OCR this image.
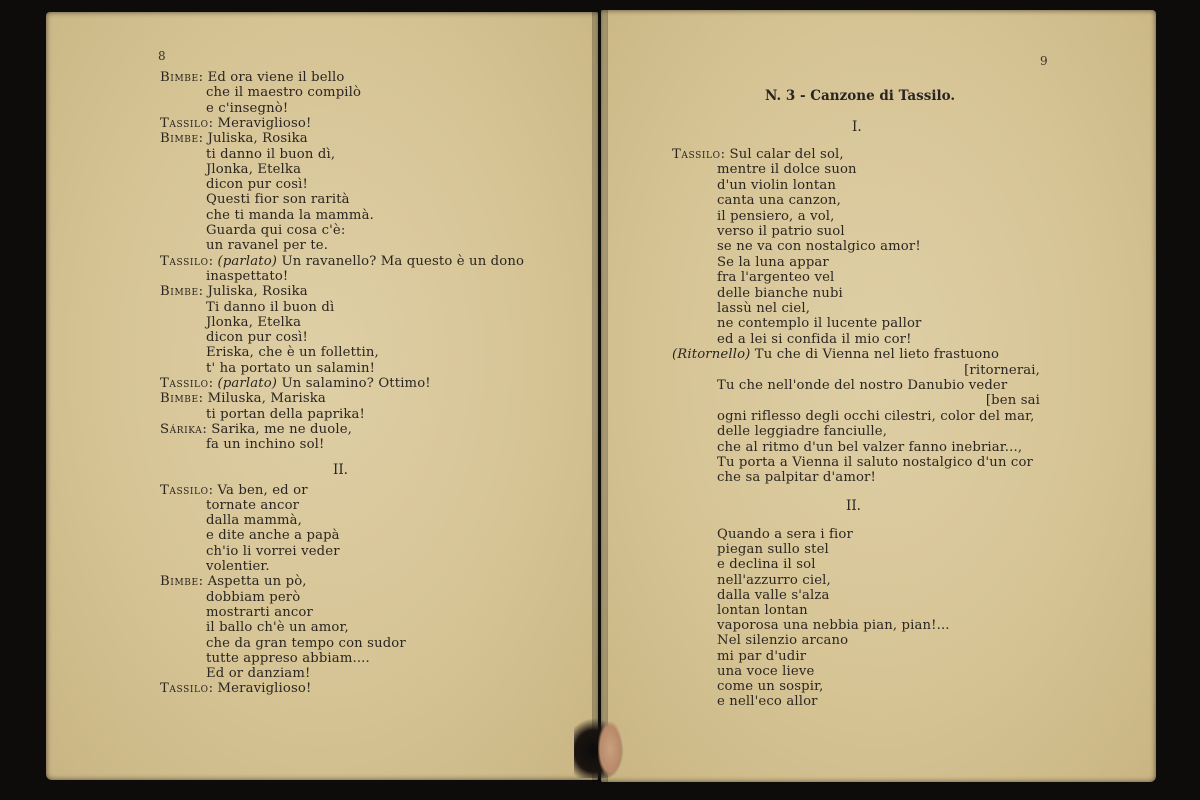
8	9
Bimbe: Ed ora viene il bello
che il maestro compilò
e c'insegnò!
Tassilo: Meraviglioso!
Bimbe: Juliska, Rosika
ti danno il buon dì,
Jlonka, Etelka
dicon pur così!
Questi fior son rarità
che ti manda la mammà.
Guarda qui cosa c'è:
un ravanel per te.
Tassilo: (parlato) Un ravanello? Ma questo è un dono
inaspettato!
Bimbe: Juliska, Rosika
Ti danno il buon dì
Jlonka, Etelka
dicon pur così!
Eriska, che è un follettin,
t' ha portato un salamin!
Tassilo: (parlato) Un salamino? Ottimo!
Bimbe: Miluska, Mariska
ti portan della paprika!
Sárika: Sarika, me ne duole,
fa un inchino sol!
II.
Tassilo: Va ben, ed or
tornate ancor
dalla mammà,
e dite anche a papà
ch'io li vorrei veder
volentier.
Bimbe: Aspetta un pò,
dobbiam però
mostrarti ancor
il ballo ch'è un amor,
che da gran tempo con sudor
tutte appreso abbiam....
Ed or danziam!
Tassilo: Meraviglioso!
N. 3 - Canzone di Tassilo.
I.
Tassilo: Sul calar del sol,
mentre il dolce suon
d'un violin lontan
canta una canzon,
il pensiero, a vol,
verso il patrio suol
se ne va con nostalgico amor!
Se la luna appar
fra l'argenteo vel
delle bianche nubi
lassù nel ciel,
ne contemplo il lucente pallor
ed a lei si confida il mio cor!
(Ritornello) Tu che di Vienna nel lieto frastuono
[ritornerai,
Tu che nell'onde del nostro Danubio veder
[ben sai
ogni riflesso degli occhi cilestri, color del mar,
delle leggiadre fanciulle,
che al ritmo d'un bel valzer fanno inebriar...,
Tu porta a Vienna il saluto nostalgico d'un cor
che sa palpitar d'amor!
II.
Quando a sera i fior
piegan sullo stel
e declina il sol
nell'azzurro ciel,
dalla valle s'alza
lontan lontan
vaporosa una nebbia pian, pian!...
Nel silenzio arcano
mi par d'udir
una voce lieve
come un sospir,
e nell'eco allor
